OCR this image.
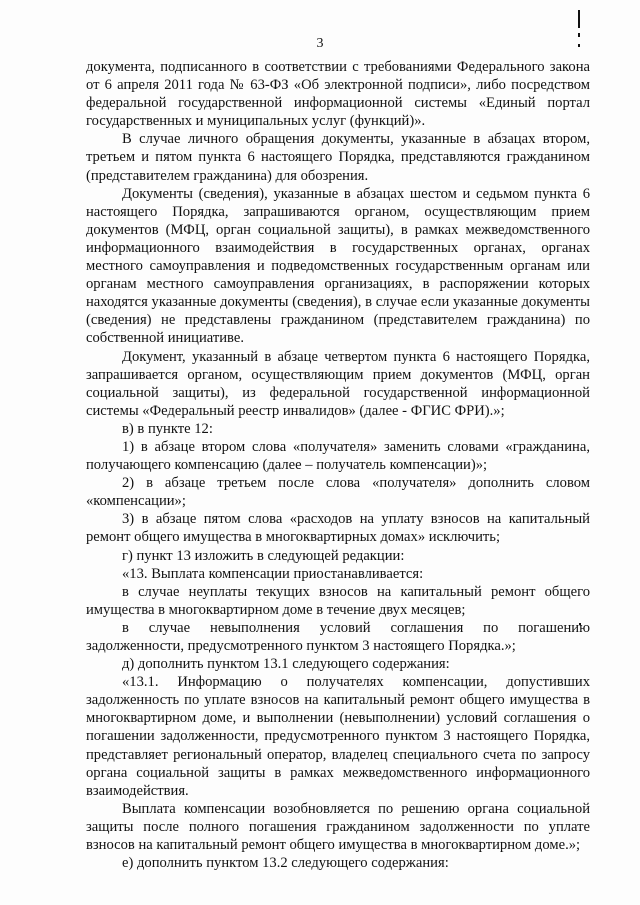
3

документа, подписанного в соответствии с требованиями Федерального закона от 6 апреля 2011 года № 63-ФЗ «Об электронной подписи», либо посредством федеральной государственной информационной системы «Единый портал государственных и муниципальных услуг (функций)».

В случае личного обращения документы, указанные в абзацах втором, третьем и пятом пункта 6 настоящего Порядка, представляются гражданином (представителем гражданина) для обозрения.

Документы (сведения), указанные в абзацах шестом и седьмом пункта 6 настоящего Порядка, запрашиваются органом, осуществляющим прием документов (МФЦ, орган социальной защиты), в рамках межведомственного информационного взаимодействия в государственных органах, органах местного самоуправления и подведомственных государственным органам или органам местного самоуправления организациях, в распоряжении которых находятся указанные документы (сведения), в случае если указанные документы (сведения) не представлены гражданином (представителем гражданина) по собственной инициативе.

Документ, указанный в абзаце четвертом пункта 6 настоящего Порядка, запрашивается органом, осуществляющим прием документов (МФЦ, орган социальной защиты), из федеральной государственной информационной системы «Федеральный реестр инвалидов» (далее - ФГИС ФРИ).»;

в) в пункте 12:

1) в абзаце втором слова «получателя» заменить словами «гражданина, получающего компенсацию (далее – получатель компенсации)»;

2) в абзаце третьем после слова «получателя» дополнить словом «компенсации»;

3) в абзаце пятом слова «расходов на уплату взносов на капитальный ремонт общего имущества в многоквартирных домах» исключить;

г) пункт 13 изложить в следующей редакции:

«13. Выплата компенсации приостанавливается:

в случае неуплаты текущих взносов на капитальный ремонт общего имущества в многоквартирном доме в течение двух месяцев;

в случае невыполнения условий соглашения по погашению задолженности, предусмотренного пунктом 3 настоящего Порядка.»;

д) дополнить пунктом 13.1 следующего содержания:

«13.1. Информацию о получателях компенсации, допустивших задолженность по уплате взносов на капитальный ремонт общего имущества в многоквартирном доме, и выполнении (невыполнении) условий соглашения о погашении задолженности, предусмотренного пунктом 3 настоящего Порядка, представляет региональный оператор, владелец специального счета по запросу органа социальной защиты в рамках межведомственного информационного взаимодействия.

Выплата компенсации возобновляется по решению органа социальной защиты после полного погашения гражданином задолженности по уплате взносов на капитальный ремонт общего имущества в многоквартирном доме.»;

е) дополнить пунктом 13.2 следующего содержания:
